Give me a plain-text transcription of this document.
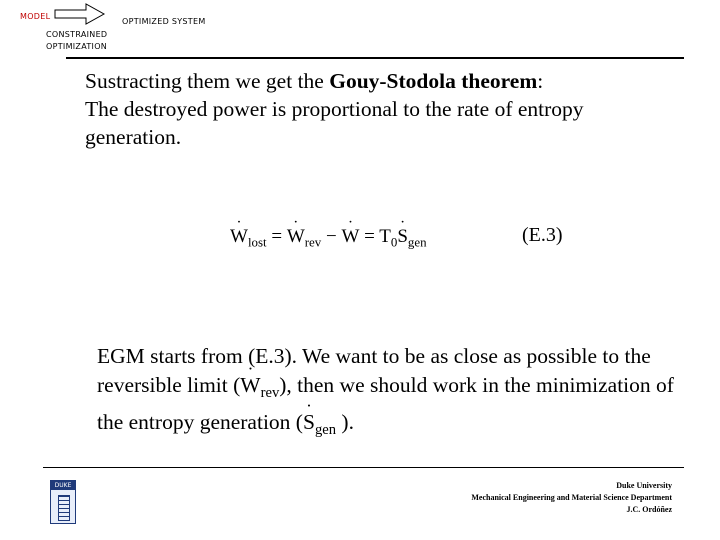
MODEL
OPTIMIZED SYSTEM
CONSTRAINED
OPTIMIZATION
Sustracting them we get the Gouy-Stodola theorem:
The destroyed power is proportional to the rate of entropy generation.
˙ $W_{lost}$ = ˙ $W_{rev}$ − ˙ $W = T_0˙$ $S_{gen}$	(E.3)
EGM starts from (E.3). We want to be as close as possible to the reversible limit (˙ $W_{rev}$), then we should work in the minimization of the entropy generation (˙ $S_{gen}$ ).
DUKE	Duke University
Mechanical Engineering and Material Science Department
J.C. Ordóñez
